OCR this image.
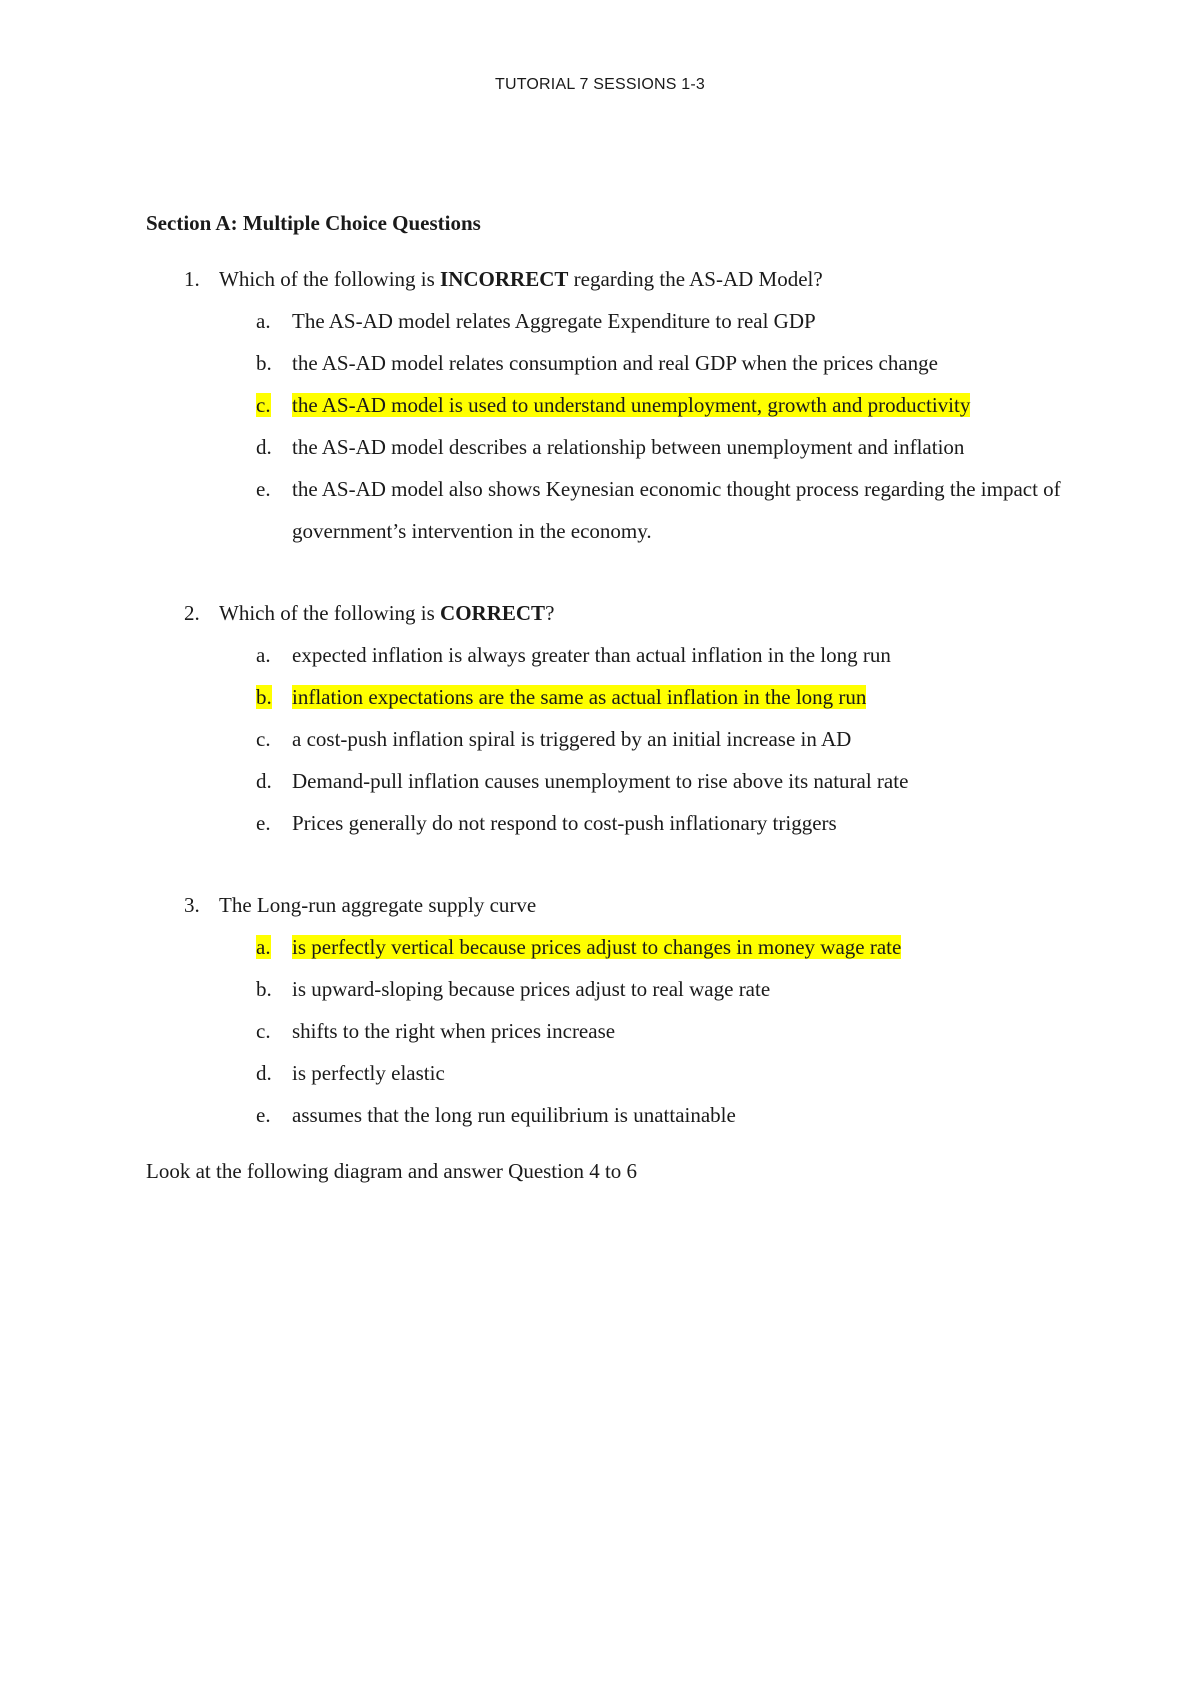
TUTORIAL 7 SESSIONS 1-3
Section A: Multiple Choice Questions
1. Which of the following is INCORRECT regarding the AS-AD Model?
a.	The AS-AD model relates Aggregate Expenditure to real GDP
b. the AS-AD model relates consumption and real GDP when the prices change
c.	the AS-AD model is used to understand unemployment, growth and productivity
d. the AS-AD model describes a relationship between unemployment and inflation
e.	the AS-AD model also shows Keynesian economic thought process regarding the impact of government’s intervention in the economy.
2. Which of the following is CORRECT?
a.	expected inflation is always greater than actual inflation in the long run
b. inflation expectations are the same as actual inflation in the long run
c.	a cost-push inflation spiral is triggered by an initial increase in AD
d. Demand-pull inflation causes unemployment to rise above its natural rate
e.	Prices generally do not respond to cost-push inflationary triggers
3. The Long-run aggregate supply curve
a.	is perfectly vertical because prices adjust to changes in money wage rate
b. is upward-sloping because prices adjust to real wage rate
c.	shifts to the right when prices increase
d. is perfectly elastic
e.	assumes that the long run equilibrium is unattainable
Look at the following diagram and answer Question 4 to 6
